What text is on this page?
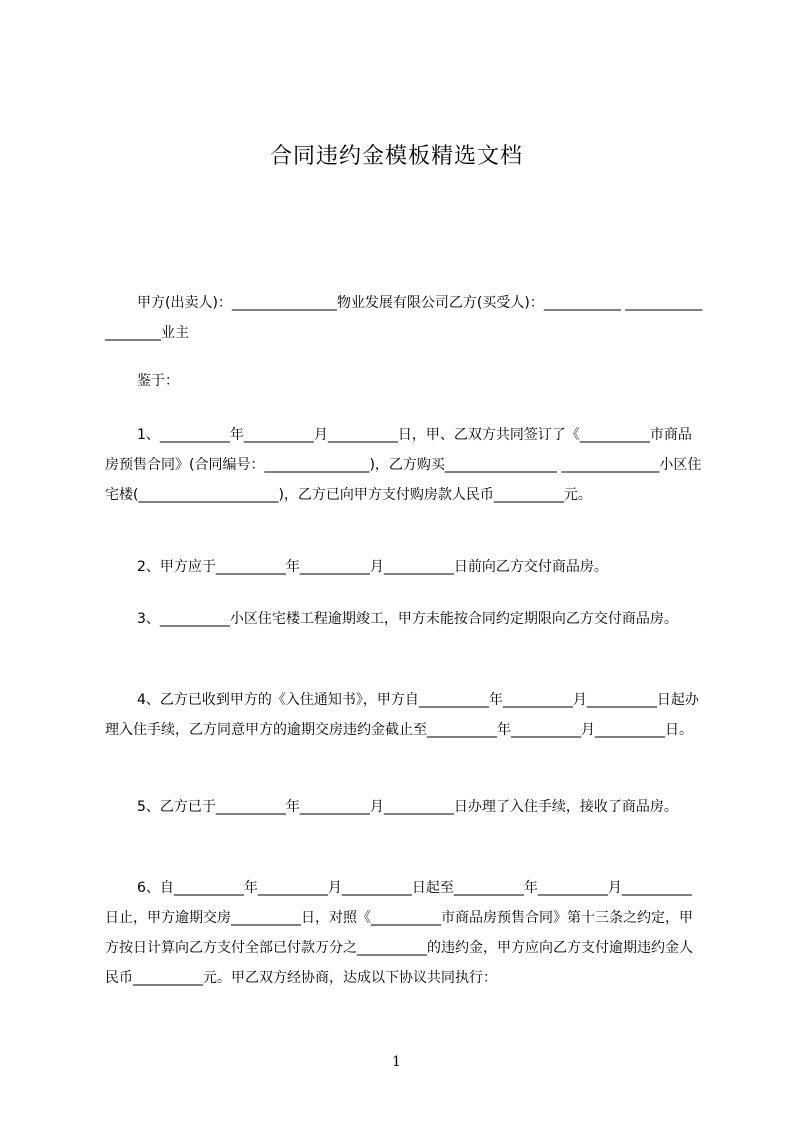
合同违约金模板精选文档
甲方(出卖人)：_______________物业发展有限公司乙方(买受人)：___________ ___________________业主
鉴于：
1、__________年__________月__________日，甲、乙双方共同签订了《__________市商品房预售合同》(合同编号：_______________)，乙方购买________________ ______________小区住宅楼(____________________)，乙方已向甲方支付购房款人民币__________元。
2、甲方应于__________年__________月__________日前向乙方交付商品房。
3、__________小区住宅楼工程逾期竣工，甲方未能按合同约定期限向乙方交付商品房。
4、乙方已收到甲方的《入住通知书》，甲方自__________年__________月__________日起办理入住手续，乙方同意甲方的逾期交房违约金截止至__________年__________月__________日。
5、乙方已于__________年__________月__________日办理了入住手续，接收了商品房。
6、自__________年__________月__________日起至__________年__________月__________日止，甲方逾期交房__________日，对照《__________市商品房预售合同》第十三条之约定，甲方按日计算向乙方支付全部已付款万分之__________的违约金，甲方应向乙方支付逾期违约金人民币__________元。甲乙双方经协商，达成以下协议共同执行：
1
